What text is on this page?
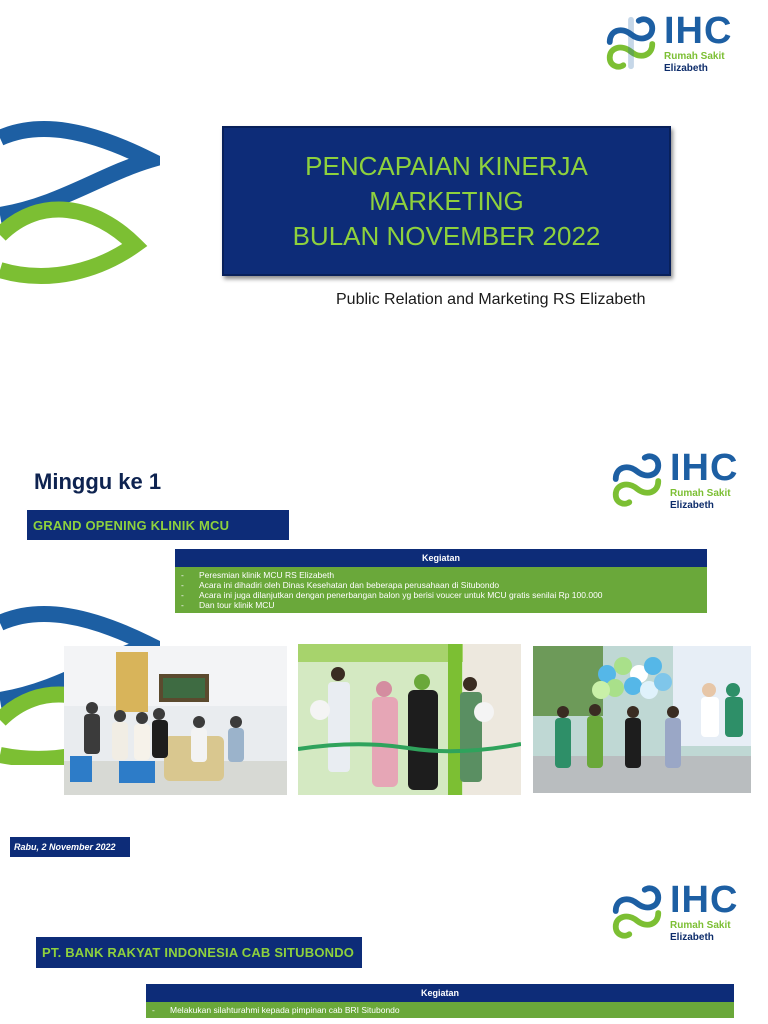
IHC
Rumah Sakit
Elizabeth
PENCAPAIAN KINERJA
MARKETING
BULAN NOVEMBER 2022
Public Relation and Marketing RS Elizabeth
Minggu ke 1	IHC
Rumah Sakit
Elizabeth
GRAND OPENING KLINIK MCU
Kegiatan
-	Peresmian klinik MCU RS Elizabeth
-	Acara ini dihadiri oleh Dinas Kesehatan dan beberapa perusahaan di Situbondo
-	Acara ini juga dilanjutkan dengan penerbangan balon yg berisi voucer untuk MCU gratis senilai Rp 100.000
-	Dan tour klinik MCU
Rabu, 2 November 2022
IHC
Rumah Sakit
Elizabeth
PT. BANK RAKYAT INDONESIA CAB SITUBONDO
Kegiatan
-	Melakukan silahturahmi kepada pimpinan cab BRI Situbondo
